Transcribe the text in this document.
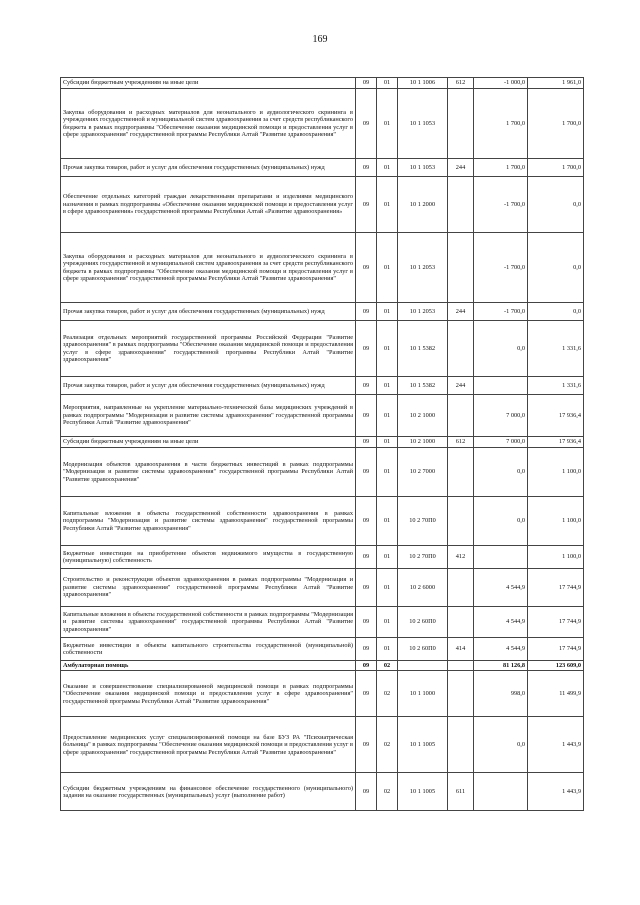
169
Субсидии бюджетным учреждениям на иные цели	09	01	10 1 1006	612	-1 000,0	1 961,0
Закупка оборудования и расходных материалов для неонатального и аудиологического скрининга в учреждениях государственной и муниципальной систем здравоохранения за счет средств республиканского бюджета в рамках подпрограммы "Обеспечение оказания медицинской помощи и предоставления услуг в сфере здравоохранения" государственной программы Республики Алтай "Развитие здравоохранения"	09	01	10 1 1053		1 700,0	1 700,0
Прочая закупка товаров, работ и услуг для обеспечения государственных (муниципальных) нужд	09	01	10 1 1053	244	1 700,0	1 700,0
Обеспечение отдельных категорий граждан лекарственными препаратами и изделиями медицинского назначения в рамках подпрограммы «Обеспечение оказания медицинской помощи и предоставления услуг в сфере здравоохранения» государственной программы Республики Алтай «Развитие здравоохранения»	09	01	10 1 2000		-1 700,0	0,0
Закупка оборудования и расходных материалов для неонатального и аудиологического скрининга в учреждениях государственной и муниципальной систем здравоохранения за счет средств республиканского бюджета в рамках подпрограммы "Обеспечение оказания медицинской помощи и предоставления услуг в сфере здравоохранения" государственной программы Республики Алтай "Развитие здравоохранения"	09	01	10 1 2053		-1 700,0	0,0
Прочая закупка товаров, работ и услуг для обеспечения государственных (муниципальных) нужд	09	01	10 1 2053	244	-1 700,0	0,0
Реализация отдельных мероприятий государственной программы Российской Федерации "Развитие здравоохранения" в рамках подпрограммы "Обеспечение оказания медицинской помощи и предоставления услуг в сфере здравоохранения" государственной программы Республики Алтай "Развитие здравоохранения"	09	01	10 1 5382		0,0	1 331,6
Прочая закупка товаров, работ и услуг для обеспечения государственных (муниципальных) нужд	09	01	10 1 5382	244		1 331,6
Мероприятия, направленные на укрепление материально-технической базы медицинских учреждений в рамках подпрограммы "Модернизация и развитие системы здравоохранения" государственной программы Республики Алтай "Развитие здравоохранения"	09	01	10 2 1000		7 000,0	17 936,4
Субсидии бюджетным учреждениям на иные цели	09	01	10 2 1000	612	7 000,0	17 936,4
Модернизация объектов здравоохранения в части бюджетных инвестиций в рамках подпрограммы "Модернизация и развитие системы здравоохранения" государственной программы Республики Алтай "Развитие здравоохранения"	09	01	10 2 7000		0,0	1 100,0
Капитальные вложения в объекты государственной собственности здравоохранения в рамках подпрограммы "Модернизация и развитие системы здравоохранения" государственной программы Республики Алтай "Развитие здравоохранения"	09	01	10 2 70П0		0,0	1 100,0
Бюджетные инвестиции на приобретение объектов недвижимого имущества в государственную (муниципальную) собственность	09	01	10 2 70П0	412		1 100,0
Строительство и реконструкция объектов здравоохранения в рамках подпрограммы "Модернизация и развитие системы здравоохранения" государственной программы Республики Алтай "Развитие здравоохранения"	09	01	10 2 6000		4 544,9	17 744,9
Капитальные вложения в объекты государственной собственности в рамках подпрограммы "Модернизация и развитие системы здравоохранения" государственной программы Республики Алтай "Развитие здравоохранения"	09	01	10 2 60П0		4 544,9	17 744,9
Бюджетные инвестиции в объекты капитального строительства государственной (муниципальной) собственности	09	01	10 2 60П0	414	4 544,9	17 744,9
Амбулаторная помощь	09	02			81 126,8	123 609,0
Оказание и совершенствование специализированной медицинской помощи в рамках подпрограммы "Обеспечение оказания медицинской помощи и предоставления услуг в сфере здравоохранения" государственной программы Республики Алтай "Развитие здравоохранения"	09	02	10 1 1000		998,0	11 499,9
Предоставление медицинских услуг специализированной помощи на базе БУЗ РА "Психиатрическая больница" в рамках подпрограммы "Обеспечение оказания медицинской помощи и предоставления услуг в сфере здравоохранения" государственной программы Республики Алтай "Развитие здравоохранения"	09	02	10 1 1005		0,0	1 443,9
Субсидии бюджетным учреждениям на финансовое обеспечение государственного (муниципального) задания на оказание государственных (муниципальных) услуг (выполнение работ)	09	02	10 1 1005	611		1 443,9
